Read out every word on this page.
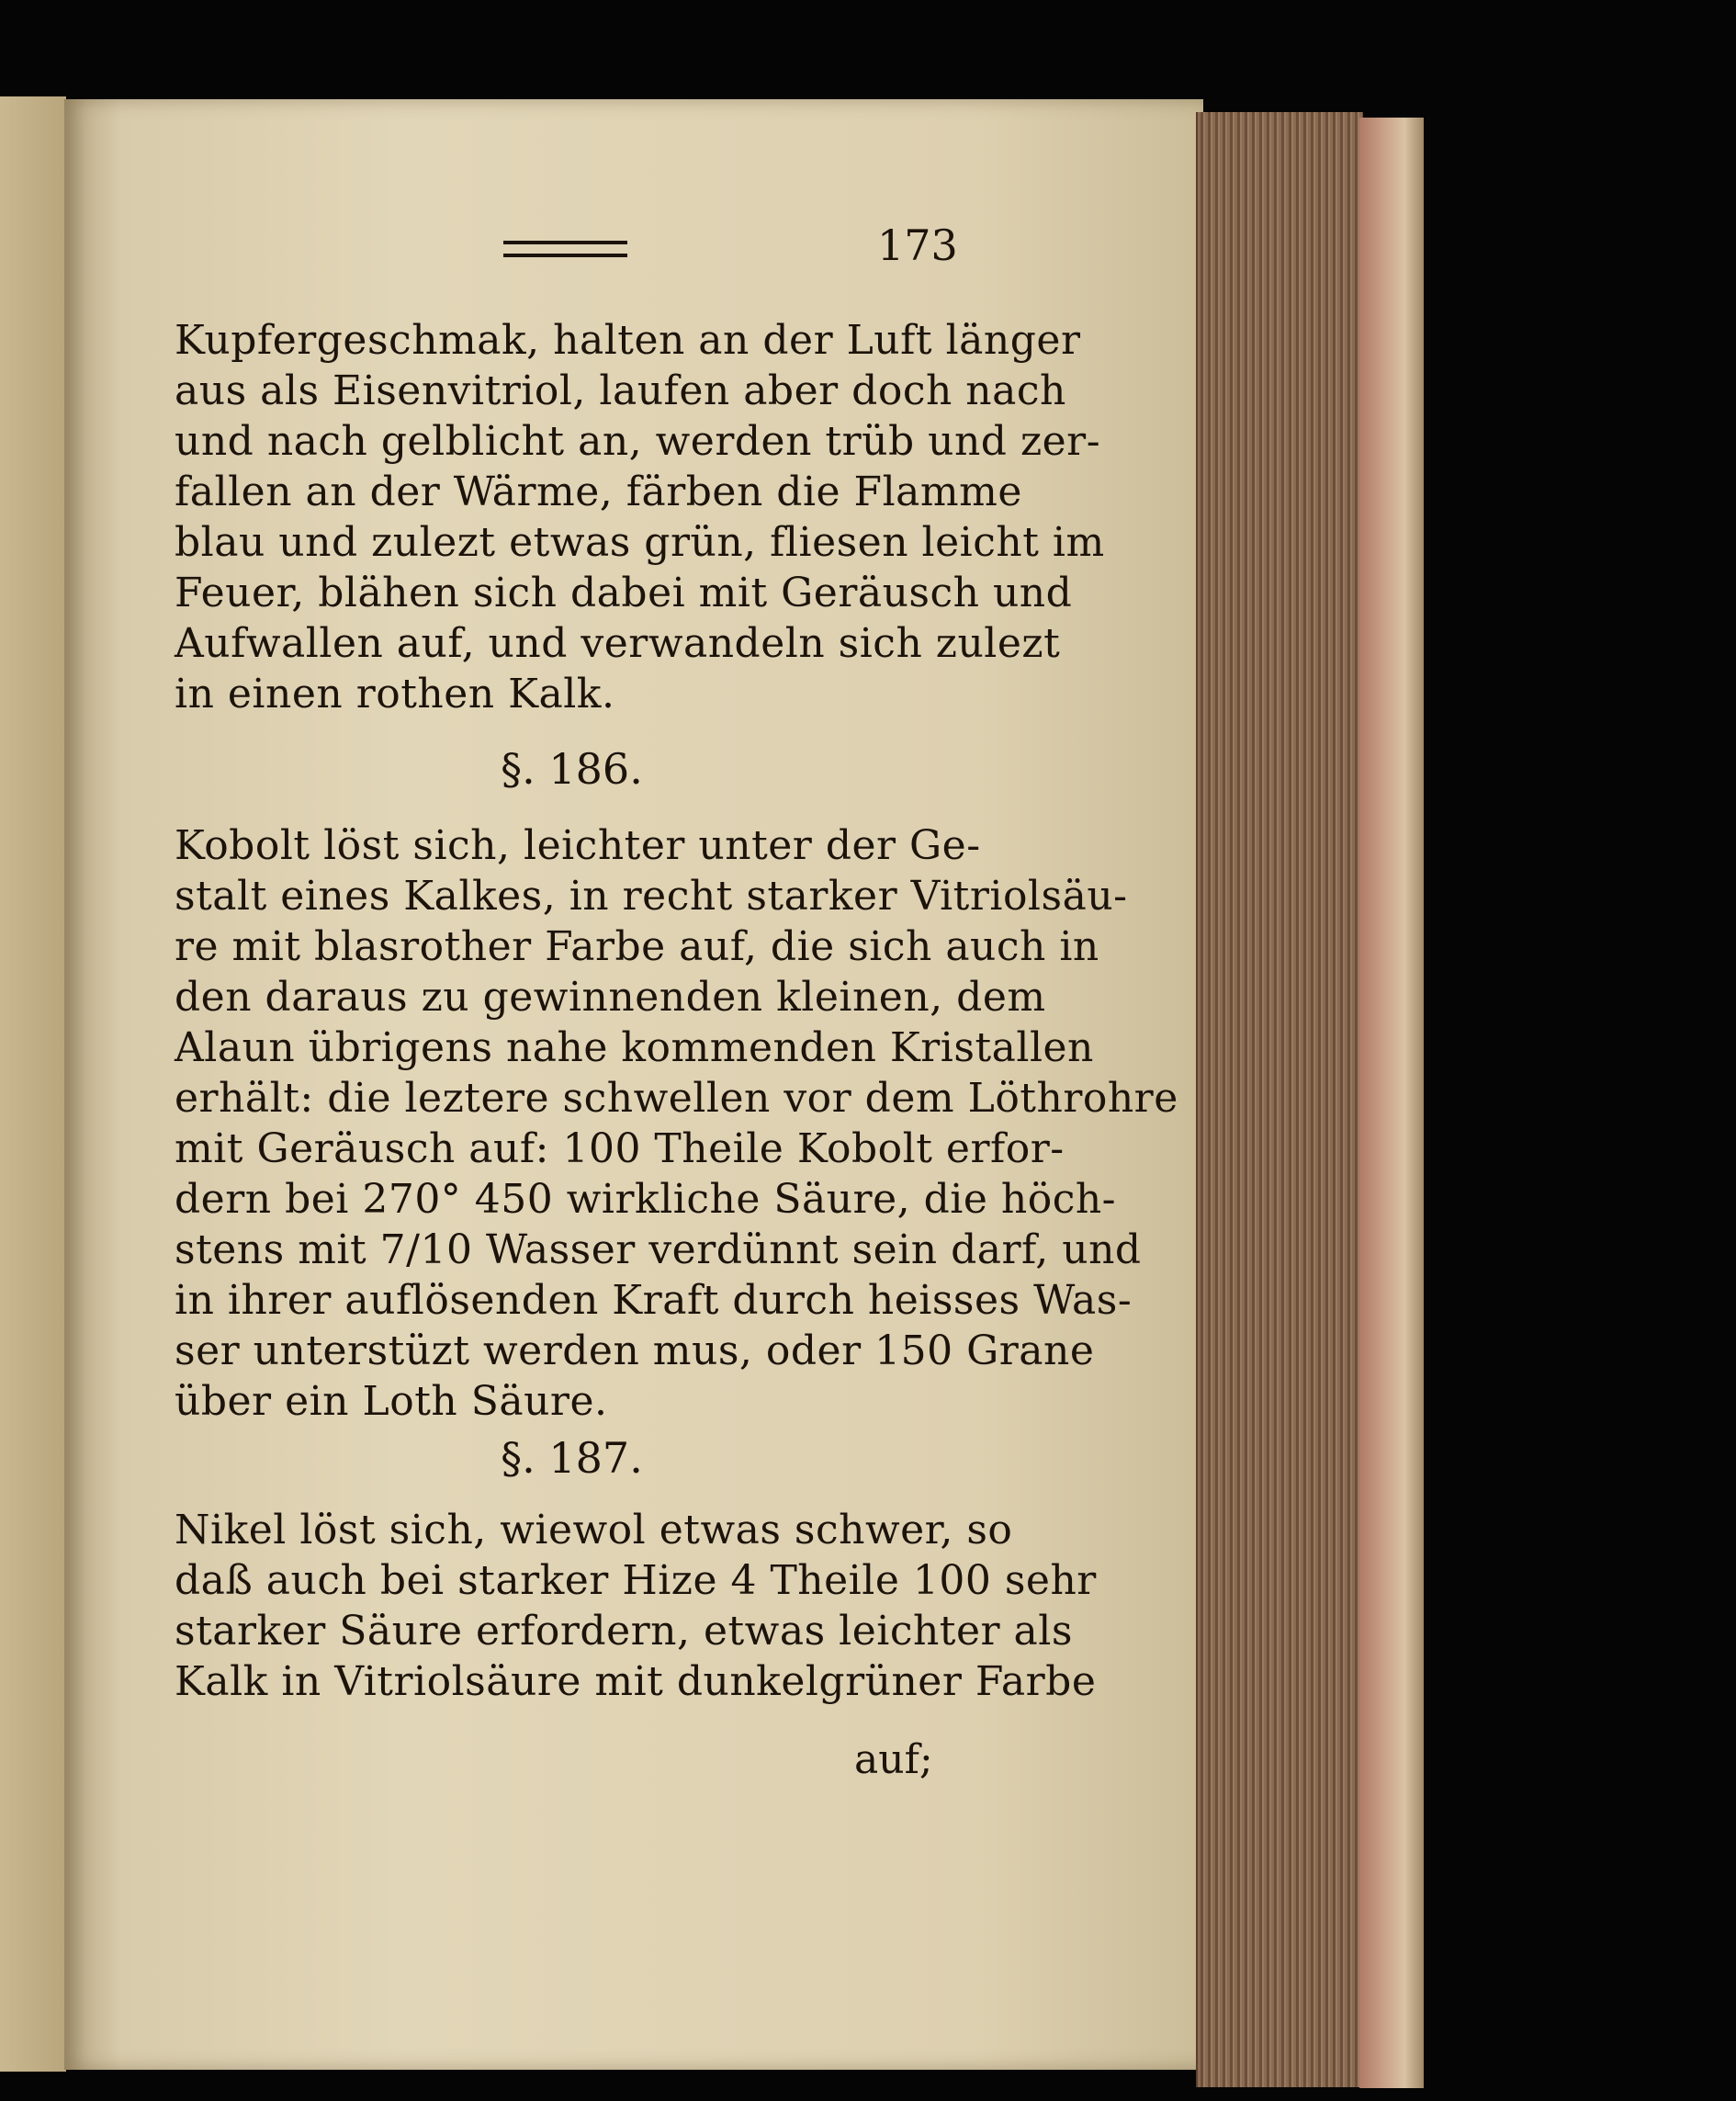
173
Kupfergeschmak, halten an der Luft länger
aus als Eisenvitriol, laufen aber doch nach
und nach gelblicht an, werden trüb und zer-
fallen an der Wärme, färben die Flamme
blau und zulezt etwas grün, fliesen leicht im
Feuer, blähen sich dabei mit Geräusch und
Aufwallen auf, und verwandeln sich zulezt
in einen rothen Kalk.
§. 186.
Kobolt löst sich, leichter unter der Ge-
stalt eines Kalkes, in recht starker Vitriolsäu-
re mit blasrother Farbe auf, die sich auch in
den daraus zu gewinnenden kleinen, dem
Alaun übrigens nahe kommenden Kristallen
erhält: die leztere schwellen vor dem Löthrohre
mit Geräusch auf: 100 Theile Kobolt erfor-
dern bei 270° 450 wirkliche Säure, die höch-
stens mit 7/10 Wasser verdünnt sein darf, und
in ihrer auflösenden Kraft durch heisses Was-
ser unterstüzt werden mus, oder 150 Grane
über ein Loth Säure.
§. 187.
Nikel löst sich, wiewol etwas schwer, so
daß auch bei starker Hize 4 Theile 100 sehr
starker Säure erfordern, etwas leichter als
Kalk in Vitriolsäure mit dunkelgrüner Farbe
auf;
